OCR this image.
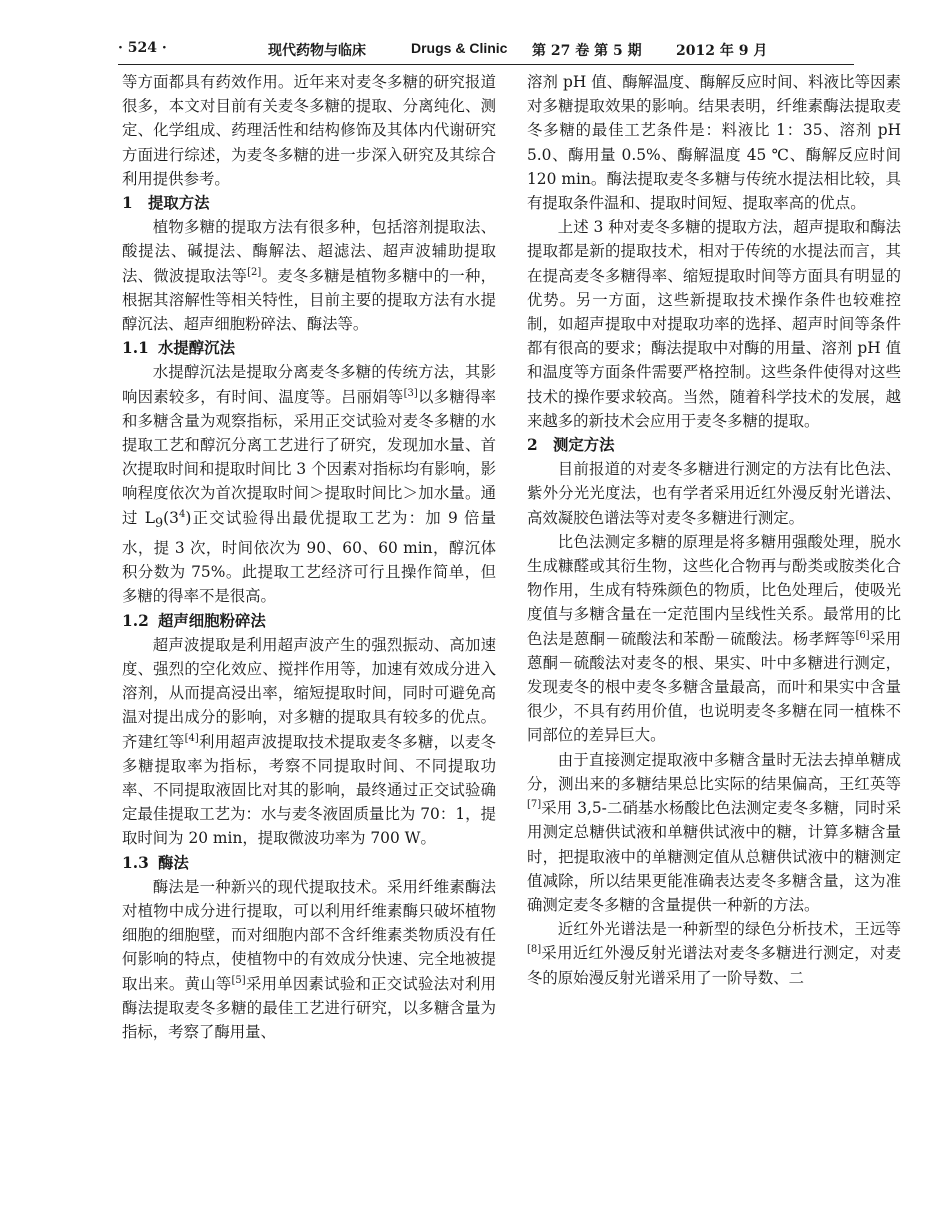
· 524 ·	现代药物与临床	Drugs & Clinic 第 27 卷 第 5 期 2012 年 9 月

等方面都具有药效作用。近年来对麦冬多糖的研究报道很多，本文对目前有关麦冬多糖的提取、分离纯化、测定、化学组成、药理活性和结构修饰及其体内代谢研究方面进行综述，为麦冬多糖的进一步深入研究及其综合利用提供参考。

1 提取方法

植物多糖的提取方法有很多种，包括溶剂提取法、酸提法、碱提法、酶解法、超滤法、超声波辅助提取法、微波提取法等[2]。麦冬多糖是植物多糖中的一种，根据其溶解性等相关特性，目前主要的提取方法有水提醇沉法、超声细胞粉碎法、酶法等。

1.1 水提醇沉法

水提醇沉法是提取分离麦冬多糖的传统方法，其影响因素较多，有时间、温度等。吕丽娟等[3]以多糖得率和多糖含量为观察指标，采用正交试验对麦冬多糖的水提取工艺和醇沉分离工艺进行了研究，发现加水量、首次提取时间和提取时间比 3 个因素对指标均有影响，影响程度依次为首次提取时间＞提取时间比＞加水量。通过 $L_9(3^4)$正交试验得出最优提取工艺为：加 9 倍量水，提 3 次，时间依次为 90、60、60 min，醇沉体积分数为 75%。此提取工艺经济可行且操作简单，但多糖的得率不是很高。

1.2 超声细胞粉碎法

超声波提取是利用超声波产生的强烈振动、高加速度、强烈的空化效应、搅拌作用等，加速有效成分进入溶剂，从而提高浸出率，缩短提取时间，同时可避免高温对提出成分的影响，对多糖的提取具有较多的优点。齐建红等[4]利用超声波提取技术提取麦冬多糖，以麦冬多糖提取率为指标，考察不同提取时间、不同提取功率、不同提取液固比对其的影响，最终通过正交试验确定最佳提取工艺为：水与麦冬液固质量比为 70：1，提取时间为 20 min，提取微波功率为 700 W。

1.3 酶法

酶法是一种新兴的现代提取技术。采用纤维素酶法对植物中成分进行提取，可以利用纤维素酶只破坏植物细胞的细胞壁，而对细胞内部不含纤维素类物质没有任何影响的特点，使植物中的有效成分快速、完全地被提取出来。黄山等[5]采用单因素试验和正交试验法对利用酶法提取麦冬多糖的最佳工艺进行研究，以多糖含量为指标，考察了酶用量、

溶剂 pH 值、酶解温度、酶解反应时间、料液比等因素对多糖提取效果的影响。结果表明，纤维素酶法提取麦冬多糖的最佳工艺条件是：料液比 1：35、溶剂 pH 5.0、酶用量 0.5%、酶解温度 45 ℃、酶解反应时间 120 min。酶法提取麦冬多糖与传统水提法相比较，具有提取条件温和、提取时间短、提取率高的优点。

上述 3 种对麦冬多糖的提取方法，超声提取和酶法提取都是新的提取技术，相对于传统的水提法而言，其在提高麦冬多糖得率、缩短提取时间等方面具有明显的优势。另一方面，这些新提取技术操作条件也较难控制，如超声提取中对提取功率的选择、超声时间等条件都有很高的要求；酶法提取中对酶的用量、溶剂 pH 值和温度等方面条件需要严格控制。这些条件使得对这些技术的操作要求较高。当然，随着科学技术的发展，越来越多的新技术会应用于麦冬多糖的提取。

2 测定方法

目前报道的对麦冬多糖进行测定的方法有比色法、紫外分光光度法，也有学者采用近红外漫反射光谱法、高效凝胶色谱法等对麦冬多糖进行测定。

比色法测定多糖的原理是将多糖用强酸处理，脱水生成糠醛或其衍生物，这些化合物再与酚类或胺类化合物作用，生成有特殊颜色的物质，比色处理后，使吸光度值与多糖含量在一定范围内呈线性关系。最常用的比色法是蒽酮－硫酸法和苯酚－硫酸法。杨孝辉等[6]采用蒽酮－硫酸法对麦冬的根、果实、叶中多糖进行测定，发现麦冬的根中麦冬多糖含量最高，而叶和果实中含量很少，不具有药用价值，也说明麦冬多糖在同一植株不同部位的差异巨大。

由于直接测定提取液中多糖含量时无法去掉单糖成分，测出来的多糖结果总比实际的结果偏高，王红英等[7]采用 3,5-二硝基水杨酸比色法测定麦冬多糖，同时采用测定总糖供试液和单糖供试液中的糖，计算多糖含量时，把提取液中的单糖测定值从总糖供试液中的糖测定值减除，所以结果更能准确表达麦冬多糖含量，这为准确测定麦冬多糖的含量提供一种新的方法。

近红外光谱法是一种新型的绿色分析技术，王远等[8]采用近红外漫反射光谱法对麦冬多糖进行测定，对麦冬的原始漫反射光谱采用了一阶导数、二
